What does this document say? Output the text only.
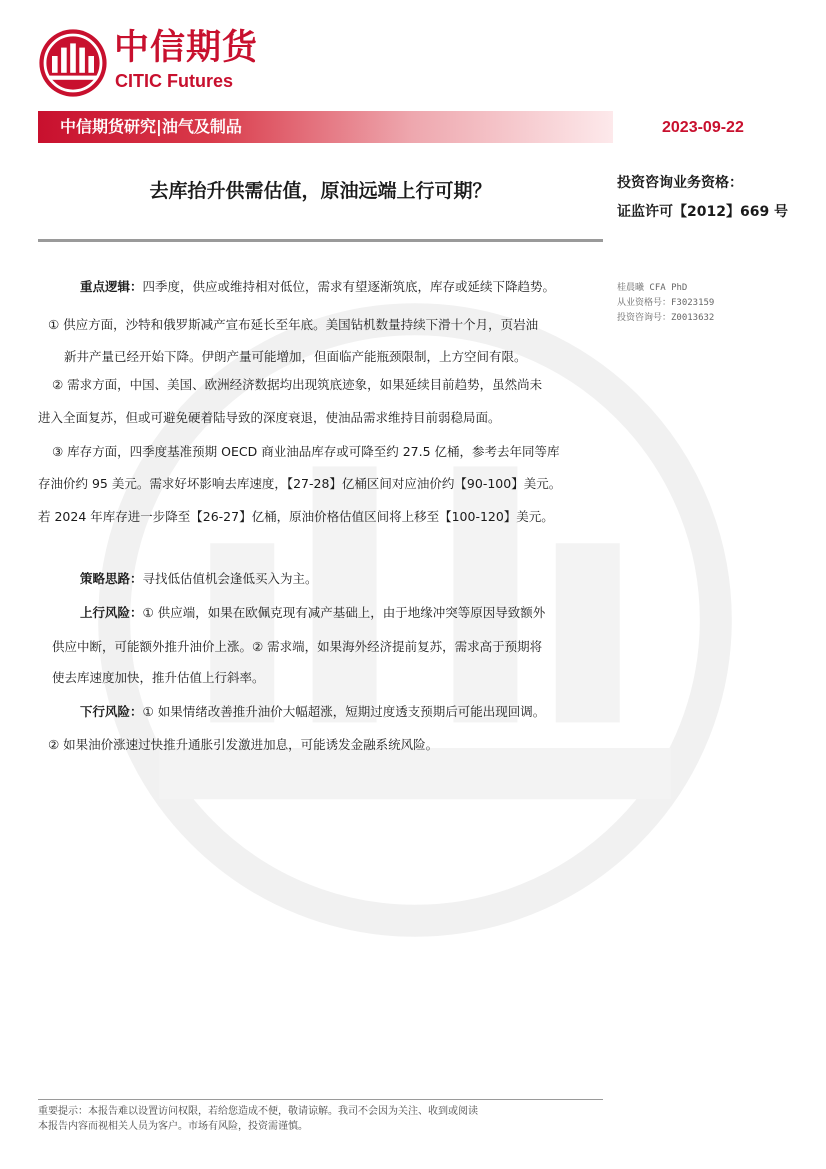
中信期货
CITIC Futures
中信期货研究|油气及制品	2023-09-22
去库抬升供需估值，原油远端上行可期？	投资咨询业务资格：
证监许可【2012】669 号
桂晨曦 CFA PhD
从业资格号：F3023159
投资咨询号：Z0013632
重点逻辑：四季度，供应或维持相对低位，需求有望逐渐筑底，库存或延续下降趋势。
① 供应方面，沙特和俄罗斯减产宣布延长至年底。美国钻机数量持续下滑十个月，页岩油
新井产量已经开始下降。伊朗产量可能增加，但面临产能瓶颈限制，上方空间有限。
② 需求方面，中国、美国、欧洲经济数据均出现筑底迹象，如果延续目前趋势，虽然尚未
进入全面复苏，但或可避免硬着陆导致的深度衰退，使油品需求维持目前弱稳局面。
③ 库存方面，四季度基准预期 OECD 商业油品库存或可降至约 27.5 亿桶，参考去年同等库
存油价约 95 美元。需求好坏影响去库速度，【27-28】亿桶区间对应油价约【90-100】美元。
若 2024 年库存进一步降至【26-27】亿桶，原油价格估值区间将上移至【100-120】美元。
策略思路：寻找低估值机会逢低买入为主。
上行风险：① 供应端，如果在欧佩克现有减产基础上，由于地缘冲突等原因导致额外
供应中断，可能额外推升油价上涨。② 需求端，如果海外经济提前复苏，需求高于预期将
使去库速度加快，推升估值上行斜率。
下行风险：① 如果情绪改善推升油价大幅超涨，短期过度透支预期后可能出现回调。
② 如果油价涨速过快推升通胀引发激进加息，可能诱发金融系统风险。
重要提示：本报告难以设置访问权限，若给您造成不便，敬请谅解。我司不会因为关注、收到或阅读
本报告内容而视相关人员为客户。市场有风险，投资需谨慎。
